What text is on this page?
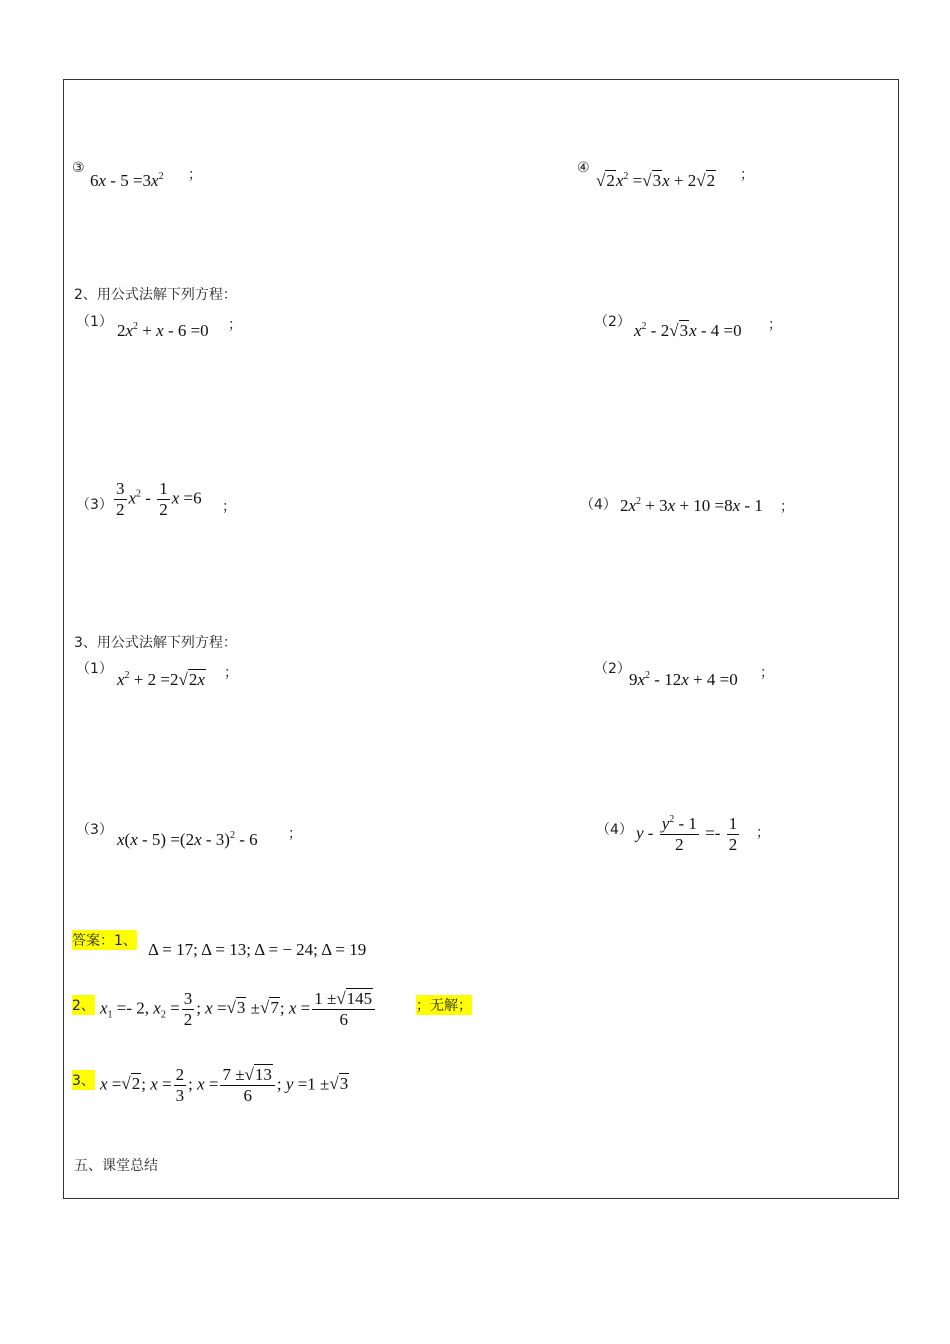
③
$6x - 5 =3x^2$ ；	④
$√2x^2 =√3x + 2√2$ ；
2、用公式法解下列方程：
（1） $2x^2 + x - 6 =0$ ；	（2） $x^2 - 2√3x - 4 =0$ ；
$(3) \frac{3}{2} x^2 - \frac{1}{2}$ x =6 ；	（4） $2x^2 + 3x + 10 =8x - 1$ ；
3、用公式法解下列方程：
（1）
$x^2 + 2 =2√2x$ ；	（2）
$9x^2 - 12x + 4 =0$ ；
（3） x(x - 5) =(2x - 3)$^2$ - 6 ；	（4） $y - \frac{y^2 - 1}{2} =- \frac{1}{2}$ ；
答案：1、 Δ = 17; Δ = 13; Δ = − 24; Δ = 19
2、 $x_1 =- 2$, $x_2 = \frac{3}{2}$ ; x =√3 ±√7; $x = \frac{1 \pm√145}{6}$	；无解；
3、 x =√2; $x = \frac{2}{3}$ ; $x = \frac{7 \pm√13}{6}$ ; y =1 ±√3
五、课堂总结
